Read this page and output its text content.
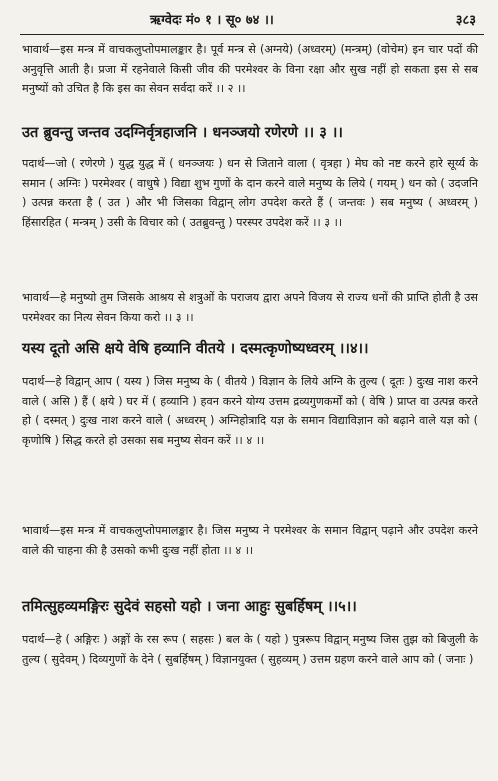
ऋग्वेदः मं० १ । सू० ७४ ।।	३८३
भावार्थ—इस मन्त्र में वाचकलुप्तोपमालङ्कार है। पूर्व मन्त्र से (अग्नये) (अध्वरम्) (मन्त्रम्) (वोचेम) इन चार पदों की अनुवृत्ति आती है। प्रजा में रहनेवाले किसी जीव की परमेश्वर के विना रक्षा और सुख नहीं हो सकता इस से सब मनुष्यों को उचित है कि इस का सेवन सर्वदा करें ।। २ ।।
उत ब्रुवन्तु जन्तव उदग्निर्वृत्रहाजनि । धनञ्जयो रणेरणे ।। ३ ।।
पदार्थ—जो ( रणेरणे ) युद्ध युद्ध में ( धनञ्जयः ) धन से जिताने वाला ( वृत्रहा ) मेघ को नष्ट करने हारे सूर्य्य के समान ( अग्निः ) परमेश्वर ( वाधुषे ) विद्या शुभ गुणों के दान करने वाले मनुष्य के लिये ( गयम् ) धन को ( उदजनि ) उत्पन्न करता है ( उत ) और भी जिसका विद्वान् लोग उपदेश करते हैं ( जन्तवः ) सब मनुष्य ( अध्वरम् ) हिंसारहित ( मन्त्रम् ) उसी के विचार को ( उतब्रुवन्तु ) परस्पर उपदेश करें ।। ३ ।।
भावार्थ—हे मनुष्यो तुम जिसके आश्रय से शत्रुओं के पराजय द्वारा अपने विजय से राज्य धनों की प्राप्ति होती है उस परमेश्वर का नित्य सेवन किया करो ।। ३ ।।
यस्य दूतो असि क्षये वेषि हव्यानि वीतये । दस्मत्कृणोष्यध्वरम् ।।४।।
पदार्थ—हे विद्वान् आप ( यस्य ) जिस मनुष्य के ( वीतये ) विज्ञान के लिये अग्नि के तुल्य ( दूतः ) दुःख नाश करने वाले ( असि ) हैं ( क्षये ) घर में ( हव्यानि ) हवन करने योग्य उत्तम द्रव्यगुणकर्मों को ( वेषि ) प्राप्त वा उत्पन्न करते हो ( दस्मत् ) दुःख नाश करने वाले ( अध्वरम् ) अग्निहोत्रादि यज्ञ के समान विद्याविज्ञान को बढ़ाने वाले यज्ञ को ( कृणोषि ) सिद्ध करते हो उसका सब मनुष्य सेवन करें ।। ४ ।।
भावार्थ—इस मन्त्र में वाचकलुप्तोपमालङ्कार है। जिस मनुष्य ने परमेश्वर के समान विद्वान् पढ़ाने और उपदेश करने वाले की चाहना की है उसको कभी दुःख नहीं होता ।। ४ ।।
तमित्सुहव्यमङ्गिरः सुदेवं सहसो यहो । जना आहुः सुबर्हिषम् ।।५।।
पदार्थ—हे ( अङ्गिरः ) अङ्गों के रस रूप ( सहसः ) बल के ( यहो ) पुत्ररूप विद्वान् मनुष्य जिस तुझ को बिजुली के तुल्य ( सुदेवम् ) दिव्यगुणों के देने ( सुबर्हिषम् ) विज्ञानयुक्त ( सुहव्यम् ) उत्तम ग्रहण करने वाले आप को ( जनाः )
